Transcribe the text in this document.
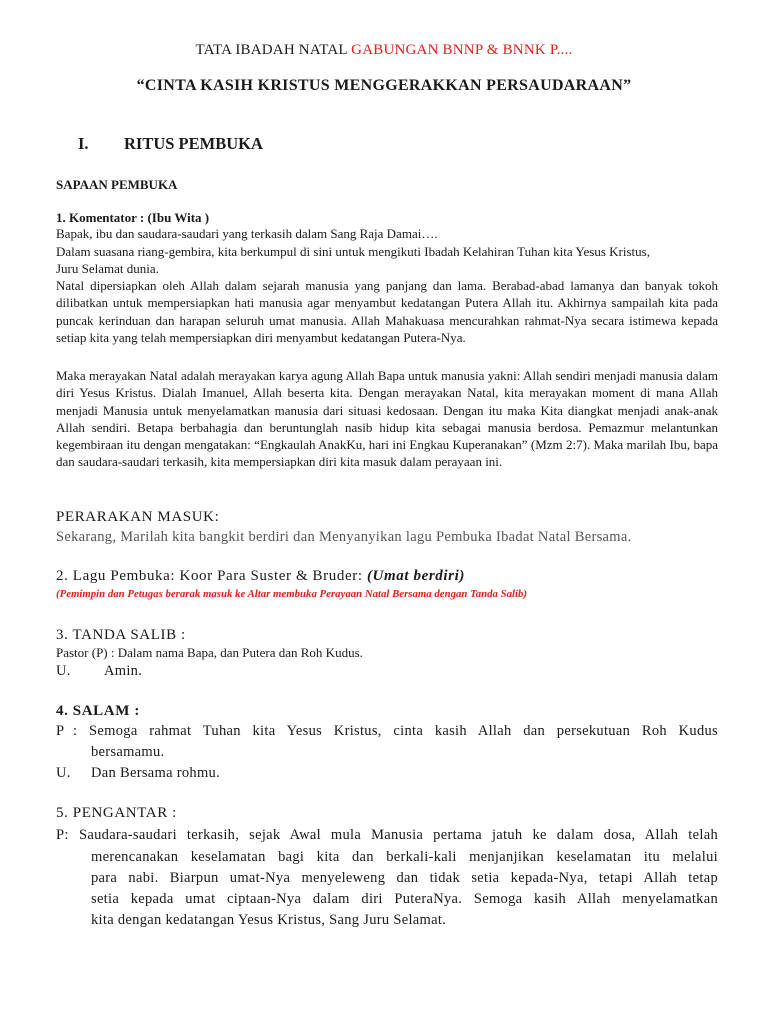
TATA IBADAH NATAL GABUNGAN BNNP & BNNK P....
“CINTA KASIH KRISTUS MENGGERAKKAN PERSAUDARAAN”
I. RITUS PEMBUKA
SAPAAN PEMBUKA
1. Komentator : (Ibu Wita )
Bapak, ibu dan saudara-saudari yang terkasih dalam Sang Raja Damai….
Dalam suasana riang-gembira, kita berkumpul di sini untuk mengikuti Ibadah Kelahiran Tuhan kita Yesus Kristus,
Juru Selamat dunia.
Natal dipersiapkan oleh Allah dalam sejarah manusia yang panjang dan lama. Berabad-abad lamanya dan banyak tokoh dilibatkan untuk mempersiapkan hati manusia agar menyambut kedatangan Putera Allah itu. Akhirnya sampailah kita pada puncak kerinduan dan harapan seluruh umat manusia. Allah Mahakuasa mencurahkan rahmat-Nya secara istimewa kepada setiap kita yang telah mempersiapkan diri menyambut kedatangan Putera-Nya.
Maka merayakan Natal adalah merayakan karya agung Allah Bapa untuk manusia yakni: Allah sendiri menjadi manusia dalam diri Yesus Kristus. Dialah Imanuel, Allah beserta kita. Dengan merayakan Natal, kita merayakan moment di mana Allah menjadi Manusia untuk menyelamatkan manusia dari situasi kedosaan. Dengan itu maka Kita diangkat menjadi anak-anak Allah sendiri. Betapa berbahagia dan beruntunglah nasib hidup kita sebagai manusia berdosa. Pemazmur melantunkan kegembiraan itu dengan mengatakan: “Engkaulah AnakKu, hari ini Engkau Kuperanakan” (Mzm 2:7). Maka marilah Ibu, bapa dan saudara-saudari terkasih, kita mempersiapkan diri kita masuk dalam perayaan ini.
PERARAKAN MASUK:
Sekarang, Marilah kita bangkit berdiri dan Menyanyikan lagu Pembuka Ibadat Natal Bersama.
2. Lagu Pembuka: Koor Para Suster & Bruder: (Umat berdiri)
(Pemimpin dan Petugas berarak masuk ke Altar membuka Perayaan Natal Bersama dengan Tanda Salib)
3. TANDA SALIB :
Pastor (P) : Dalam nama Bapa, dan Putera dan Roh Kudus.
U. Amin.
4. SALAM :
P : Semoga rahmat Tuhan kita Yesus Kristus, cinta kasih Allah dan persekutuan Roh Kudus
bersamamu.
U. Dan Bersama rohmu.
5. PENGANTAR :
P: Saudara-saudari terkasih, sejak Awal mula Manusia pertama jatuh ke dalam dosa, Allah telah
merencanakan keselamatan bagi kita dan berkali-kali menjanjikan keselamatan itu melalui
para nabi. Biarpun umat-Nya menyeleweng dan tidak setia kepada-Nya, tetapi Allah tetap
setia kepada umat ciptaan-Nya dalam diri PuteraNya. Semoga kasih Allah menyelamatkan
kita dengan kedatangan Yesus Kristus, Sang Juru Selamat.
